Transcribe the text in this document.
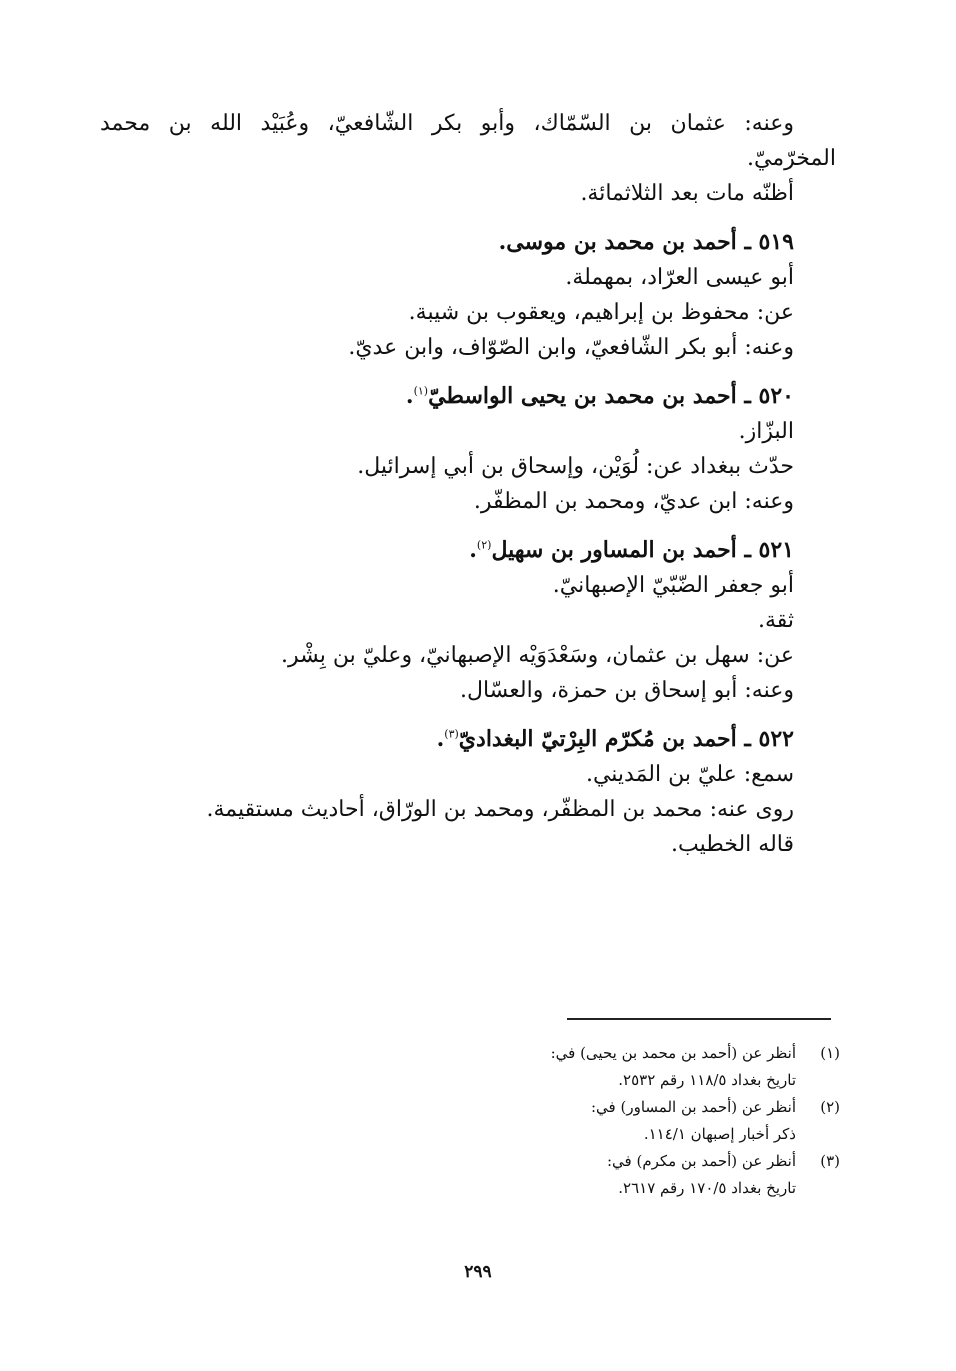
وعنه: عثمان بن السّمّاك، وأبو بكر الشّافعيّ، وعُبَيْد الله بن محمد
المخرّميّ.
أظنّه مات بعد الثلاثمائة.
٥١٩ ـ أحمد بن محمد بن موسى.
أبو عيسى العرّاد، بمهملة.
عن: محفوظ بن إبراهيم، ويعقوب بن شيبة.
وعنه: أبو بكر الشّافعيّ، وابن الصّوّاف، وابن عديّ.
٥٢٠ ـ أحمد بن محمد بن يحيى الواسطيّ$^{(١)}$.
البزّاز.
حدّث ببغداد عن: لُوَيْن، وإسحاق بن أبي إسرائيل.
وعنه: ابن عديّ، ومحمد بن المظفّر.
٥٢١ ـ أحمد بن المساور بن سهيل$^{(٢)}$.
أبو جعفر الضّبّيّ الإصبهانيّ.
ثقة.
عن: سهل بن عثمان، وسَعْدَوَيْه الإصبهانيّ، وعليّ بن بِشْر.
وعنه: أبو إسحاق بن حمزة، والعسّال.
٥٢٢ ـ أحمد بن مُكرّم البِرْتيّ البغداديّ$^{(٣)}$.
سمع: عليّ بن المَديني.
روى عنه: محمد بن المظفّر، ومحمد بن الورّاق، أحاديث مستقيمة.
قاله الخطيب.
(١)أنظر عن (أحمد بن محمد بن يحيى) في:
تاريخ بغداد ١١٨/٥ رقم ٢٥٣٢.
(٢)أنظر عن (أحمد بن المساور) في:
ذكر أخبار إصبهان ١١٤/١.
(٣)أنظر عن (أحمد بن مكرم) في:
تاريخ بغداد ١٧٠/٥ رقم ٢٦١٧.
٢٩٩
